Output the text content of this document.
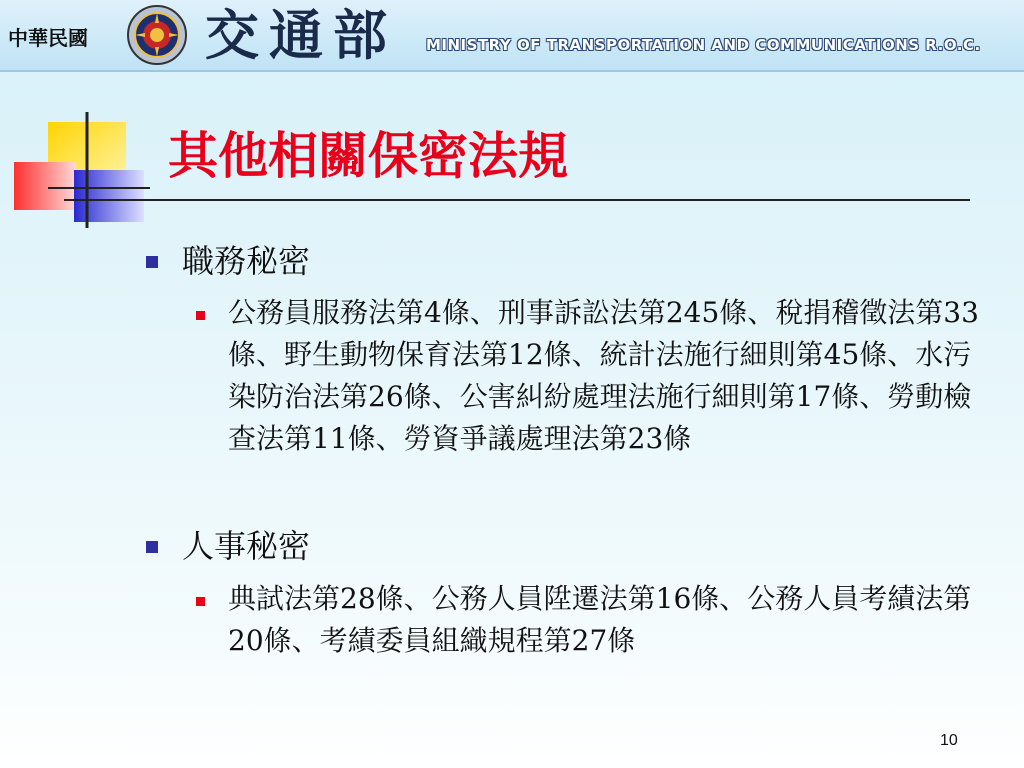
中華民國 交通部 MINISTRY OF TRANSPORTATION AND COMMUNICATIONS R.O.C.
其他相關保密法規
職務秘密
公務員服務法第4條、刑事訴訟法第245條、稅捐稽徵法第33條、野生動物保育法第12條、統計法施行細則第45條、水污染防治法第26條、公害糾紛處理法施行細則第17條、勞動檢查法第11條、勞資爭議處理法第23條
人事秘密
典試法第28條、公務人員陞遷法第16條、公務人員考績法第20條、考績委員組織規程第27條
10
